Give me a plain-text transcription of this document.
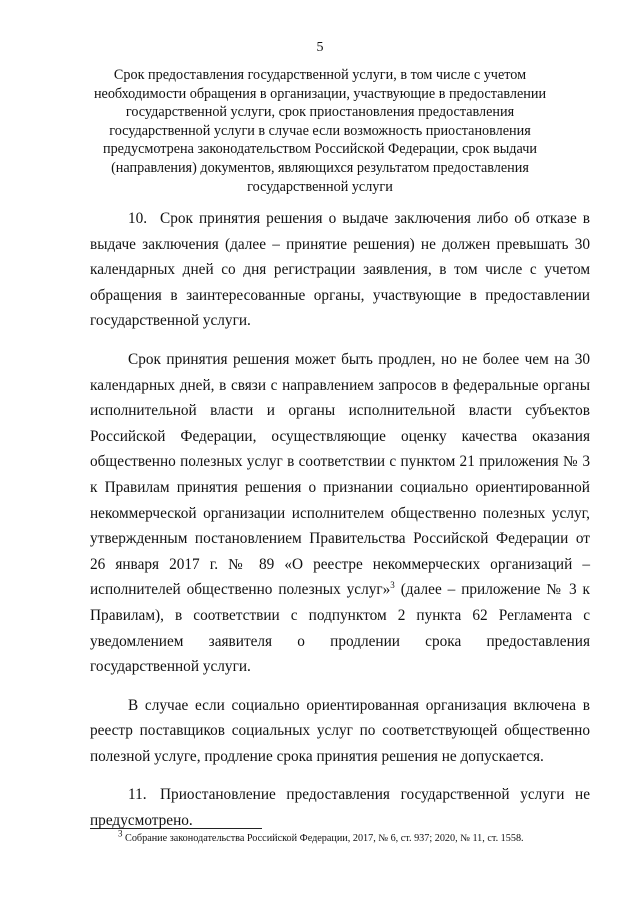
5
Срок предоставления государственной услуги, в том числе с учетом необходимости обращения в организации, участвующие в предоставлении государственной услуги, срок приостановления предоставления государственной услуги в случае если возможность приостановления предусмотрена законодательством Российской Федерации, срок выдачи (направления) документов, являющихся результатом предоставления государственной услуги

10. Срок принятия решения о выдаче заключения либо об отказе в выдаче заключения (далее – принятие решения) не должен превышать 30 календарных дней со дня регистрации заявления, в том числе с учетом обращения в заинтересованные органы, участвующие в предоставлении государственной услуги.

Срок принятия решения может быть продлен, но не более чем на 30 календарных дней, в связи с направлением запросов в федеральные органы исполнительной власти и органы исполнительной власти субъектов Российской Федерации, осуществляющие оценку качества оказания общественно полезных услуг в соответствии с пунктом 21 приложения № 3 к Правилам принятия решения о признании социально ориентированной некоммерческой организации исполнителем общественно полезных услуг, утвержденным постановлением Правительства Российской Федерации от 26 января 2017 г. № 89 «О реестре некоммерческих организаций – исполнителей общественно полезных услуг»$^3$ (далее – приложение № 3 к Правилам), в соответствии с подпунктом 2 пункта 62 Регламента с уведомлением заявителя о продлении срока предоставления государственной услуги.

В случае если социально ориентированная организация включена в реестр поставщиков социальных услуг по соответствующей общественно полезной услуге, продление срока принятия решения не допускается.

11. Приостановление предоставления государственной услуги не предусмотрено.

$^3$ Собрание законодательства Российской Федерации, 2017, № 6, ст. 937; 2020, № 11, ст. 1558.
